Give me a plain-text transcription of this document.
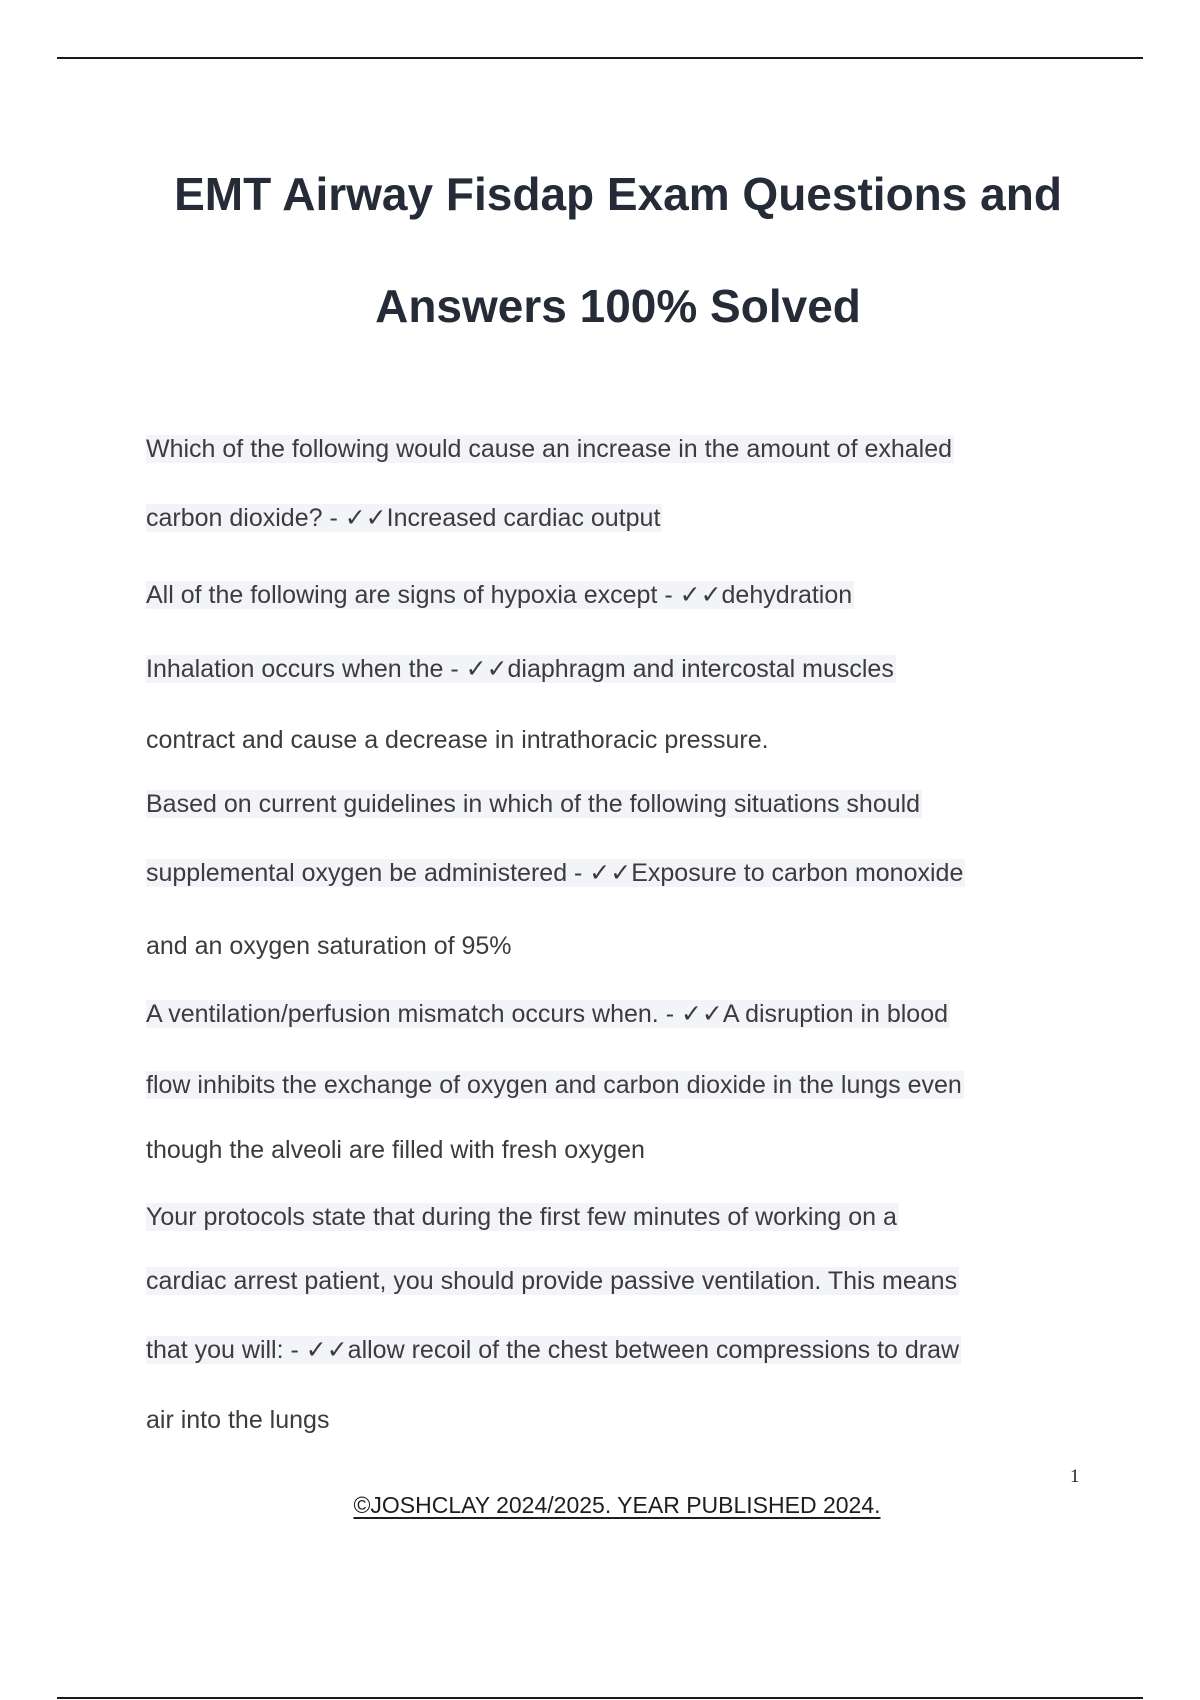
EMT Airway Fisdap Exam Questions and
Answers 100% Solved
Which of the following would cause an increase in the amount of exhaled
carbon dioxide? - ✓✓Increased cardiac output
All of the following are signs of hypoxia except - ✓✓dehydration
Inhalation occurs when the - ✓✓diaphragm and intercostal muscles
contract and cause a decrease in intrathoracic pressure.
Based on current guidelines in which of the following situations should
supplemental oxygen be administered - ✓✓Exposure to carbon monoxide
and an oxygen saturation of 95%
A ventilation/perfusion mismatch occurs when. - ✓✓A disruption in blood
flow inhibits the exchange of oxygen and carbon dioxide in the lungs even
though the alveoli are filled with fresh oxygen
Your protocols state that during the first few minutes of working on a
cardiac arrest patient, you should provide passive ventilation. This means
that you will: - ✓✓allow recoil of the chest between compressions to draw
air into the lungs
1
©JOSHCLAY 2024/2025. YEAR PUBLISHED 2024.
